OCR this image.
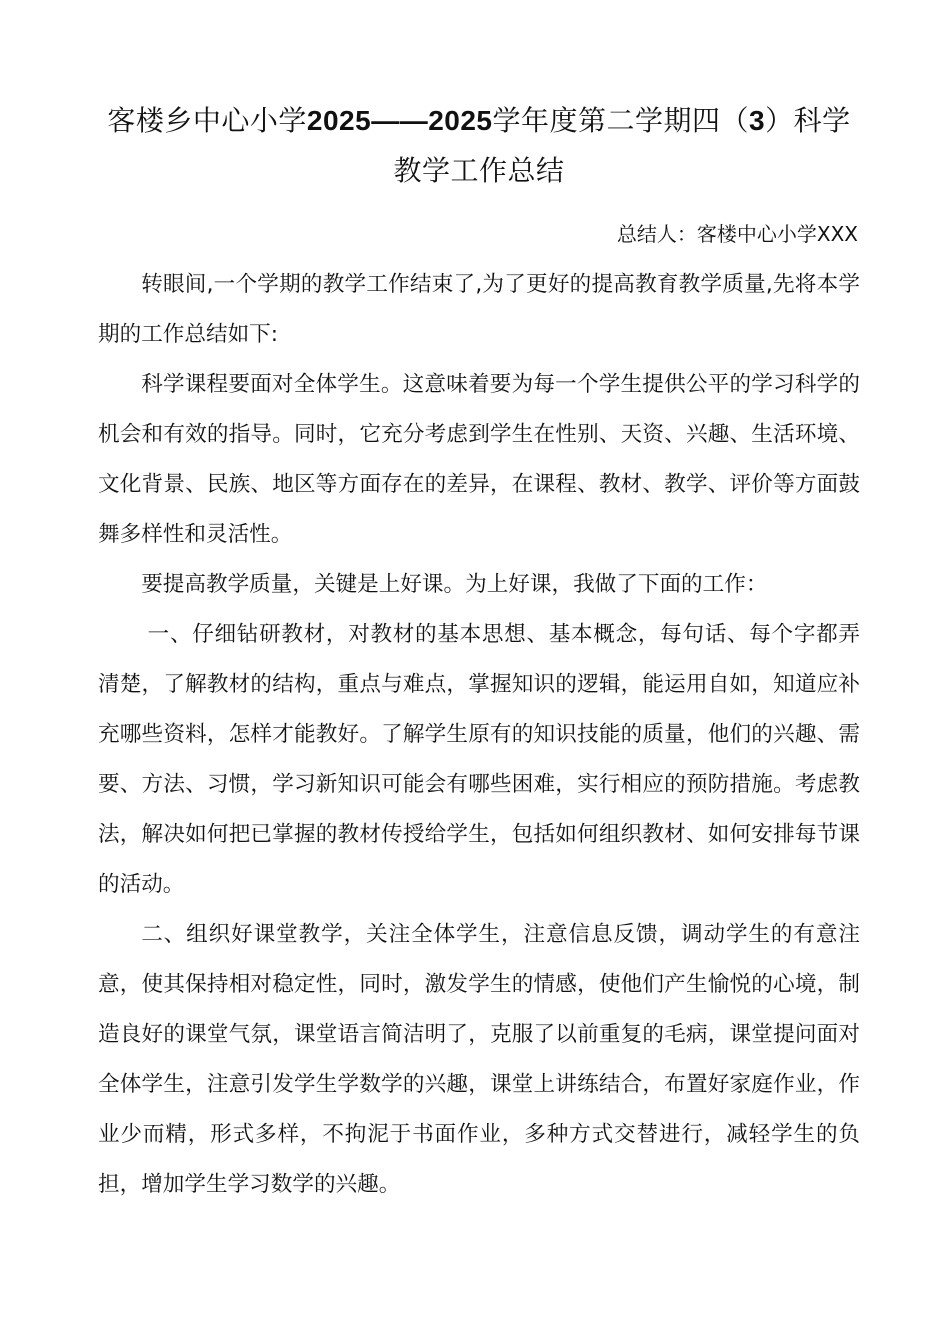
客楼乡中心小学2025——2025学年度第二学期四（3）科学
教学工作总结
总结人：客楼中心小学XXX

转眼间,一个学期的教学工作结束了,为了更好的提高教育教学质量,先将本学期的工作总结如下:

科学课程要面对全体学生。这意味着要为每一个学生提供公平的学习科学的机会和有效的指导。同时，它充分考虑到学生在性别、天资、兴趣、生活环境、文化背景、民族、地区等方面存在的差异，在课程、教材、教学、评价等方面鼓舞多样性和灵活性。

要提高教学质量，关键是上好课。为上好课，我做了下面的工作：

一、仔细钻研教材，对教材的基本思想、基本概念，每句话、每个字都弄清楚，了解教材的结构，重点与难点，掌握知识的逻辑，能运用自如，知道应补充哪些资料，怎样才能教好。了解学生原有的知识技能的质量，他们的兴趣、需要、方法、习惯，学习新知识可能会有哪些困难，实行相应的预防措施。考虑教法，解决如何把已掌握的教材传授给学生，包括如何组织教材、如何安排每节课的活动。

二、组织好课堂教学，关注全体学生，注意信息反馈，调动学生的有意注意，使其保持相对稳定性，同时，激发学生的情感，使他们产生愉悦的心境，制造良好的课堂气氛，课堂语言简洁明了，克服了以前重复的毛病，课堂提问面对全体学生，注意引发学生学数学的兴趣，课堂上讲练结合，布置好家庭作业，作业少而精，形式多样，不拘泥于书面作业，多种方式交替进行，减轻学生的负担，增加学生学习数学的兴趣。
